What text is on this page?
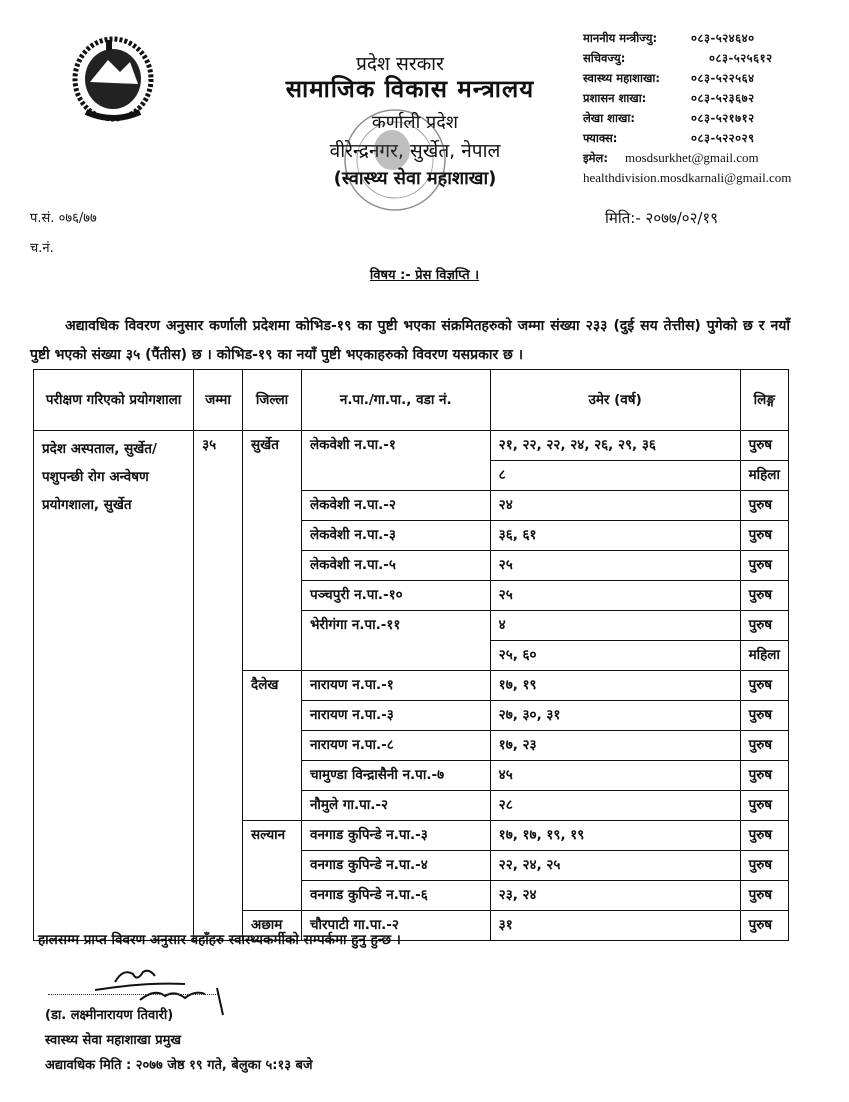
प्रदेश सरकार
सामाजिक विकास मन्त्रालय
कर्णाली प्रदेश
वीरेन्द्रनगर, सुर्खेत, नेपाल
(स्वास्थ्य सेवा महाशाखा)
माननीय मन्त्रीज्यु:	०८३-५२४६४०
सचिवज्यु:	०८३-५२५६१२
स्वास्थ्य महाशाखा:	०८३-५२२५६४
प्रशासन शाखा:	०८३-५२३६७२
लेखा शाखा:	०८३-५२१७१२
फ्याक्स:	०८३-५२२०२९
इमेल:	mosdsurkhet@gmail.com
healthdivision.mosdkarnali@gmail.com
प.सं. ०७६/७७
च.नं.
मिति:- २०७७/०२/१९
विषय :- प्रेस विज्ञप्ति ।
अद्यावधिक विवरण अनुसार कर्णाली प्रदेशमा कोभिड-१९ का पुष्टी भएका संक्रमितहरुको जम्मा संख्या २३३ (दुई सय तेत्तीस) पुगेको छ र नयाँ पुष्टी भएको संख्या ३५ (पैंतीस) छ । कोभिड-१९ का नयाँ पुष्टी भएकाहरुको विवरण यसप्रकार छ ।
परीक्षण गरिएको प्रयोगशाला	जम्मा	जिल्ला	न.पा./गा.पा., वडा नं.	उमेर (वर्ष)	लिङ्ग
प्रदेश अस्पताल, सुर्खेत/ पशुपन्छी रोग अन्वेषण प्रयोगशाला, सुर्खेत	३५	सुर्खेत	लेकवेशी न.पा.-१	२१, २२, २२, २४, २६, २९, ३६	पुरुष
				८	महिला
			लेकवेशी न.पा.-२	२४	पुरुष
			लेकवेशी न.पा.-३	३६, ६१	पुरुष
			लेकवेशी न.पा.-५	२५	पुरुष
			पञ्चपुरी न.पा.-१०	२५	पुरुष
			भेरीगंगा न.पा.-११	४	पुरुष
				२५, ६०	महिला
		दैलेख	नारायण न.पा.-१	१७, १९	पुरुष
			नारायण न.पा.-३	२७, ३०, ३१	पुरुष
			नारायण न.पा.-८	१७, २३	पुरुष
			चामुण्डा विन्द्रासैनी न.पा.-७	४५	पुरुष
			नौमुले गा.पा.-२	२८	पुरुष
		सल्यान	वनगाड कुपिन्डे न.पा.-३	१७, १७, १९, १९	पुरुष
			वनगाड कुपिन्डे न.पा.-४	२२, २४, २५	पुरुष
			वनगाड कुपिन्डे न.पा.-६	२३, २४	पुरुष
		अछाम	चौरपाटी गा.पा.-२	३१	पुरुष
हालसम्म प्राप्त विवरण अनुसार वहाँहरु स्वास्थ्यकर्मीको सम्पर्कमा हुनु हुन्छ ।
(डा. लक्ष्मीनारायण तिवारी)
स्वास्थ्य सेवा महाशाखा प्रमुख
अद्यावधिक मिति : २०७७ जेष्ठ १९ गते, बेलुका ५:१३ बजे
